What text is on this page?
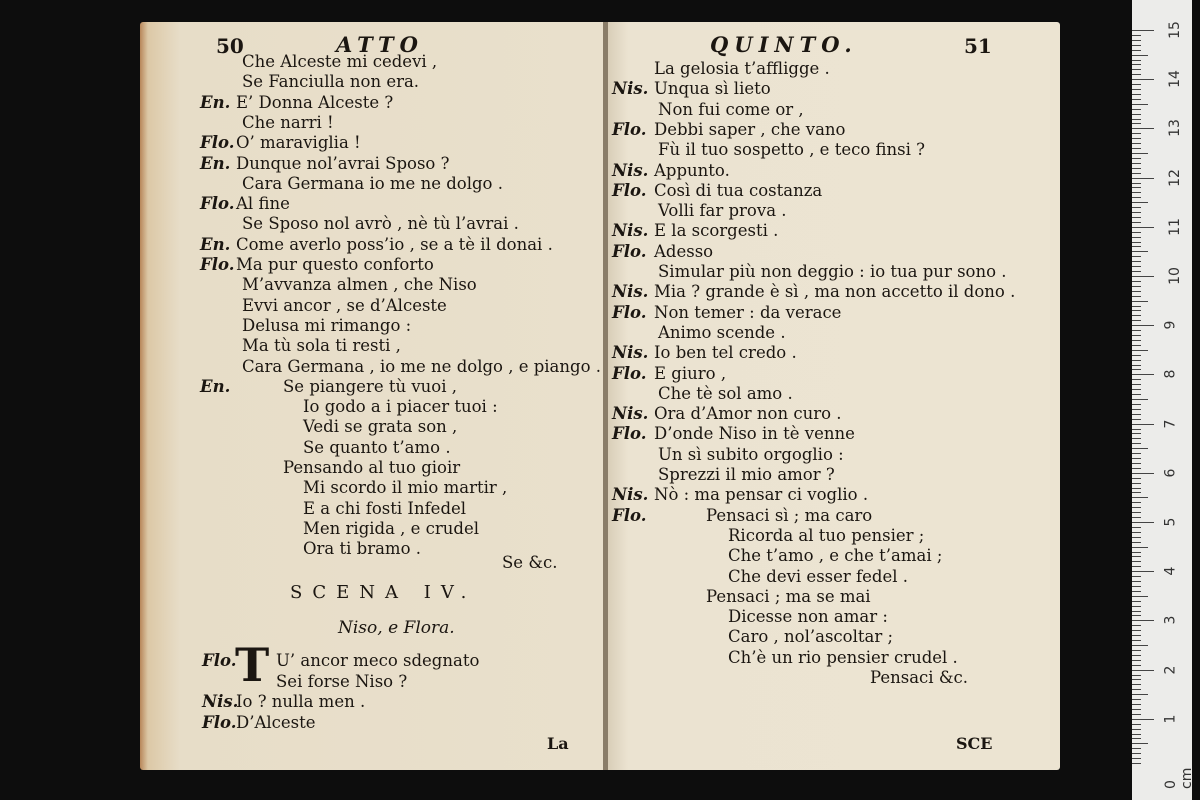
50	ATTO
Che Alceste mi cedevi ,
Se Fanciulla non era.
En. E’ Donna Alceste ?
Che narri !
Flo. O’ maraviglia !
En. Dunque nol’avrai Sposo ?
Cara Germana io me ne dolgo .
Flo. Al fine
Se Sposo nol avrò , nè tù l’avrai .
En. Come averlo poss’io , se a tè il donai .
Flo. Ma pur questo conforto
M’avvanza almen , che Niso
Evvi ancor , se d’Alceste
Delusa mi rimango :
Ma tù sola ti resti ,
Cara Germana , io me ne dolgo , e piango .
En.	Se piangere tù vuoi ,
Io godo a i piacer tuoi :
Vedi se grata son ,
Se quanto t’amo .
Pensando al tuo gioir
Mi scordo il mio martir ,
E a chi fosti Infedel
Men rigida , e crudel
Ora ti bramo .
Se &c.
SCENA IV.
Niso, e Flora.
T
Flo. U’ ancor meco sdegnato
Sei forse Niso ?
Nis.
Io ? nulla men .
Flo. D’Alceste
La
QUINTO.	51
La gelosia t’affligge .
Nis. Unqua sì lieto
Non fui come or ,
Flo. Debbi saper , che vano
Fù il tuo sospetto , e teco finsi ?
Nis. Appunto.
Flo. Così di tua costanza
Volli far prova .
Nis. E la scorgesti .
Flo. Adesso
Simular più non deggio : io tua pur sono .
Nis. Mia ? grande è sì , ma non accetto il dono .
Flo. Non temer : da verace
Animo scende .
Nis. Io ben tel credo .
Flo. E giuro ,
Che tè sol amo .
Nis. Ora d’Amor non curo .
Flo. D’onde Niso in tè venne
Un sì subito orgoglio :
Sprezzi il mio amor ?
Nis. Nò : ma pensar ci voglio .
Flo.	Pensaci sì ; ma caro
Ricorda al tuo pensier ;
Che t’amo , e che t’amai ;
Che devi esser fedel .
Pensaci ; ma se mai
Dicesse non amar :
Caro , nol’ascoltar ;
Ch’è un rio pensier crudel .
Pensaci &c.
SCE
15
14
13
12
11
10
9
8
7
6
5
4
3
2
1
0 cm
